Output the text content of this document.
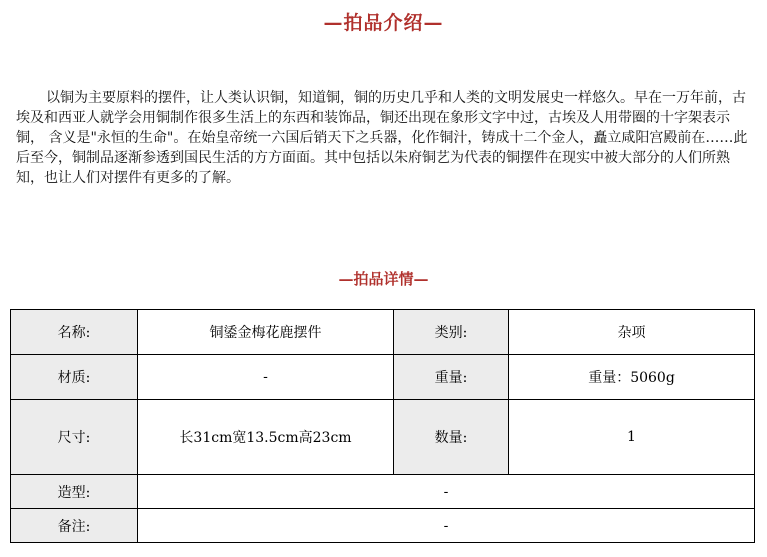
—拍品介绍—

以铜为主要原料的摆件，让人类认识铜，知道铜，铜的历史几乎和人类的文明发展史一样悠久。早在一万年前，古埃及和西亚人就学会用铜制作很多生活上的东西和装饰品，铜还出现在象形文字中过，古埃及人用带圈的十字架表示铜， 含义是"永恒的生命"。在始皇帝统一六国后销天下之兵器，化作铜汁，铸成十二个金人，矗立咸阳宫殿前在……此后至今，铜制品逐渐参透到国民生活的方方面面。其中包括以朱府铜艺为代表的铜摆件在现实中被大部分的人们所熟知，也让人们对摆件有更多的了解。

—拍品详情—
名称:	铜鋈金梅花鹿摆件	类别:	杂项
材质:	-	重量:	重量：5060g
尺寸:	长31cm宽13.5cm高23cm	数量:	1
造型:	-		
备注:	-		
